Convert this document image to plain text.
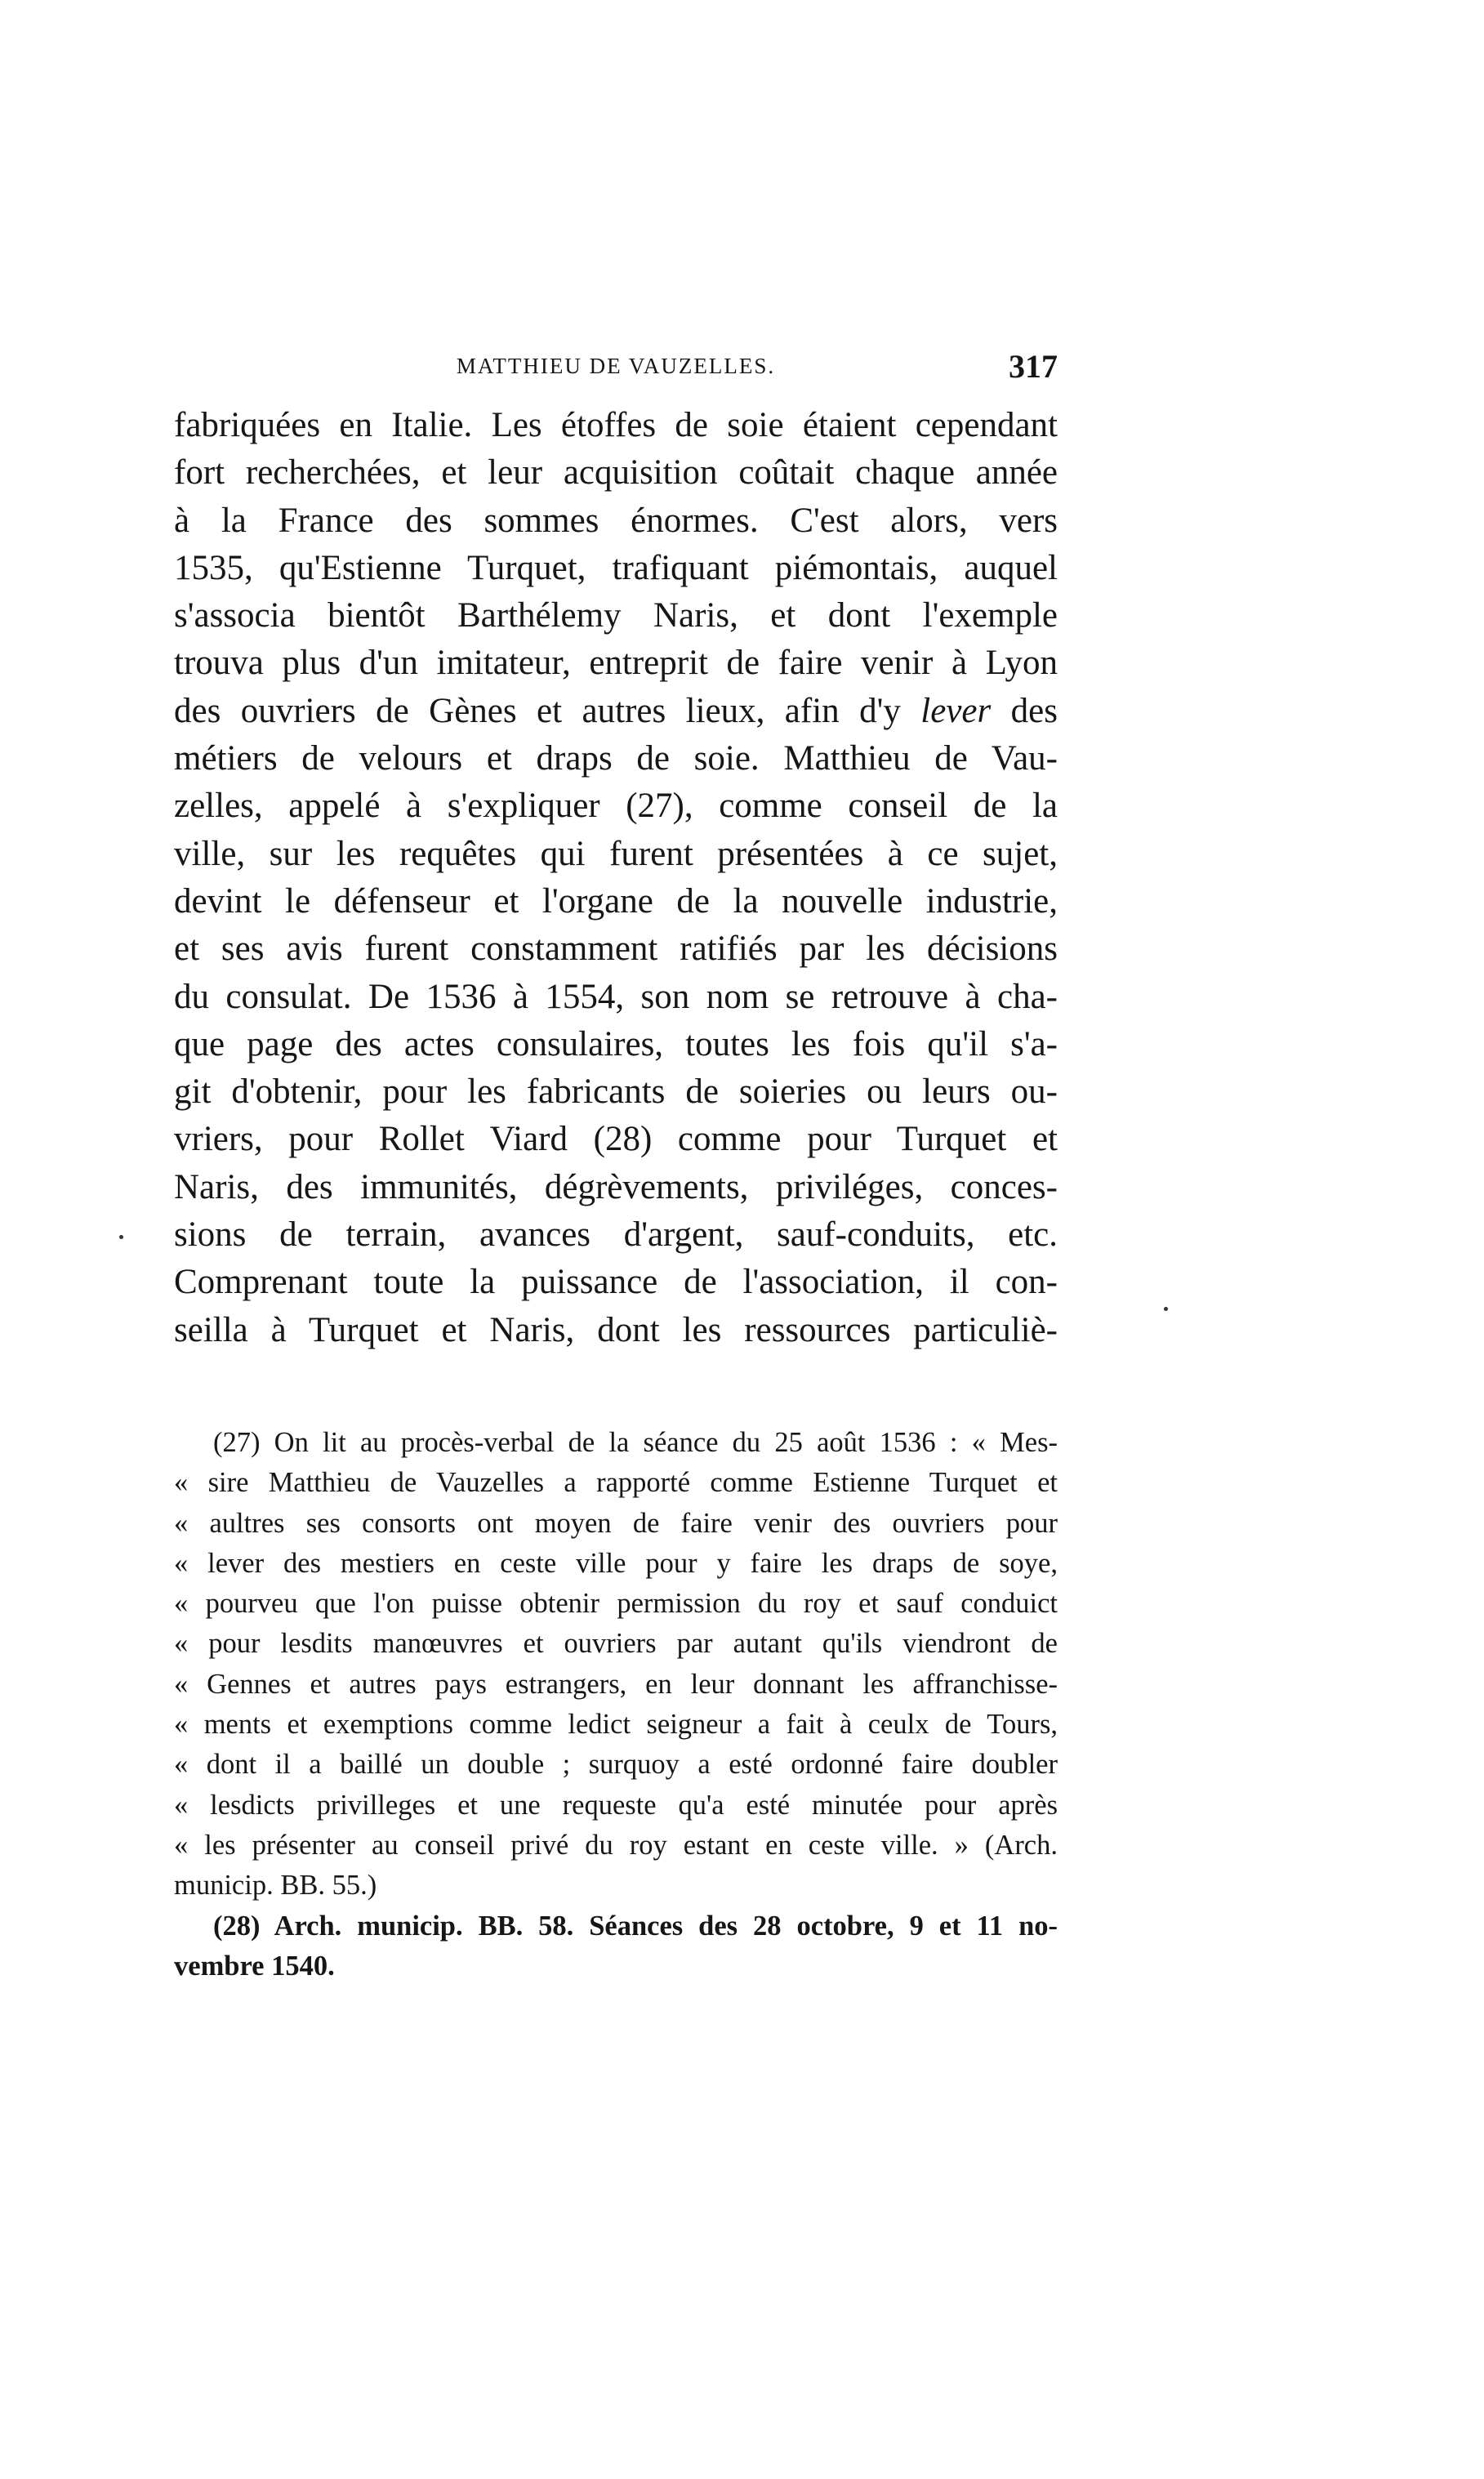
MATTHIEU DE VAUZELLES.	317
fabriquées en Italie. Les étoffes de soie étaient cependant
fort recherchées, et leur acquisition coûtait chaque année
à la France des sommes énormes. C'est alors, vers
1535, qu'Estienne Turquet, trafiquant piémontais, auquel
s'associa bientôt Barthélemy Naris, et dont l'exemple
trouva plus d'un imitateur, entreprit de faire venir à Lyon
des ouvriers de Gènes et autres lieux, afin d'y lever des
métiers de velours et draps de soie. Matthieu de Vau-
zelles, appelé à s'expliquer (27), comme conseil de la
ville, sur les requêtes qui furent présentées à ce sujet,
devint le défenseur et l'organe de la nouvelle industrie,
et ses avis furent constamment ratifiés par les décisions
du consulat. De 1536 à 1554, son nom se retrouve à cha-
que page des actes consulaires, toutes les fois qu'il s'a-
git d'obtenir, pour les fabricants de soieries ou leurs ou-
vriers, pour Rollet Viard (28) comme pour Turquet et
Naris, des immunités, dégrèvements, priviléges, conces-
sions de terrain, avances d'argent, sauf-conduits, etc.
Comprenant toute la puissance de l'association, il con-
seilla à Turquet et Naris, dont les ressources particuliè-
(27) On lit au procès-verbal de la séance du 25 août 1536 : « Mes-
« sire Matthieu de Vauzelles a rapporté comme Estienne Turquet et
« aultres ses consorts ont moyen de faire venir des ouvriers pour
« lever des mestiers en ceste ville pour y faire les draps de soye,
« pourveu que l'on puisse obtenir permission du roy et sauf conduict
« pour lesdits manœuvres et ouvriers par autant qu'ils viendront de
« Gennes et autres pays estrangers, en leur donnant les affranchisse-
« ments et exemptions comme ledict seigneur a fait à ceulx de Tours,
« dont il a baillé un double ; surquoy a esté ordonné faire doubler
« lesdicts privilleges et une requeste qu'a esté minutée pour après
« les présenter au conseil privé du roy estant en ceste ville. » (Arch.
municip. BB. 55.)
(28) Arch. municip. BB. 58. Séances des 28 octobre, 9 et 11 no-
vembre 1540.
